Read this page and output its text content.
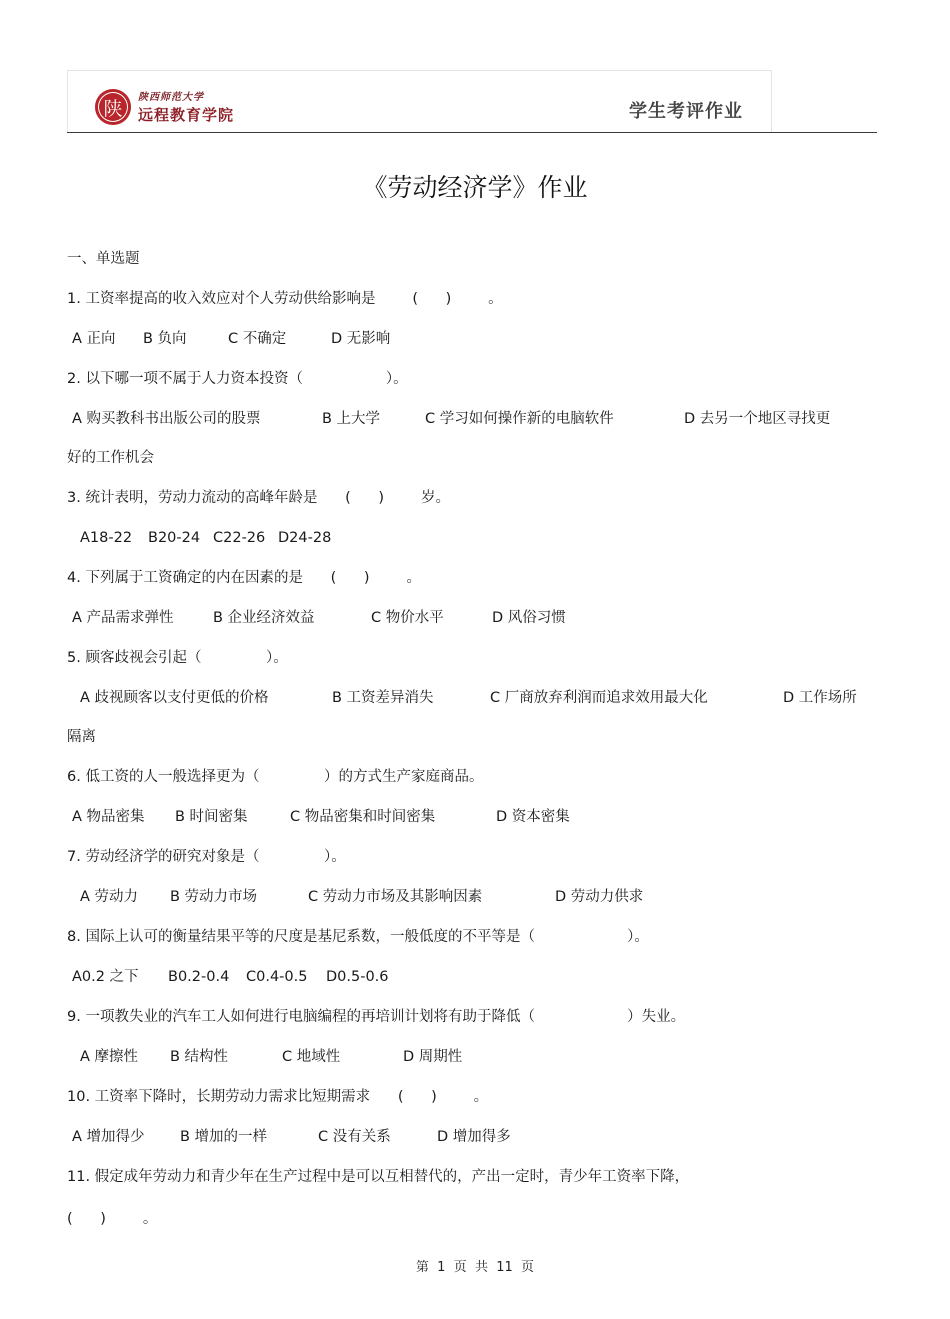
陕	陕西师范大学
远程教育学院	学生考评作业
《劳动经济学》作业
一、单选题
1. 工资率提高的收入效应对个人劳动供给影响是        (      )        。
A 正向 B 负向	C 不确定	D 无影响
2. 以下哪一项不属于人力资本投资（                  ）。
A 购买教科书出版公司的股票	B 上大学	C 学习如何操作新的电脑软件	D 去另一个地区寻找更
好的工作机会
3. 统计表明，劳动力流动的高峰年龄是      (      )        岁。
A18-22 B20-24 C22-26 D24-28
4. 下列属于工资确定的内在因素的是      (      )        。
A 产品需求弹性	B 企业经济效益	C 物价水平	D 风俗习惯
5. 顾客歧视会引起（              ）。
A 歧视顾客以支付更低的价格	B 工资差异消失	C 厂商放弃利润而追求效用最大化	D 工作场所
隔离
6. 低工资的人一般选择更为（              ）的方式生产家庭商品。
A 物品密集 B 时间密集	C 物品密集和时间密集	D 资本密集
7. 劳动经济学的研究对象是（              ）。
A 劳动力 B 劳动力市场	C 劳动力市场及其影响因素	D 劳动力供求
8. 国际上认可的衡量结果平等的尺度是基尼系数，一般低度的不平等是（                    ）。
A0.2 之下 B0.2-0.4 C0.4-0.5 D0.5-0.6
9. 一项教失业的汽车工人如何进行电脑编程的再培训计划将有助于降低（                    ）失业。
A 摩擦性 B 结构性	C 地域性	D 周期性
10. 工资率下降时，长期劳动力需求比短期需求      (      )        。
A 增加得少 B 增加的一样	C 没有关系	D 增加得多
11. 假定成年劳动力和青少年在生产过程中是可以互相替代的，产出一定时，青少年工资率下降，
(      )        。
第  1  页  共  11  页
